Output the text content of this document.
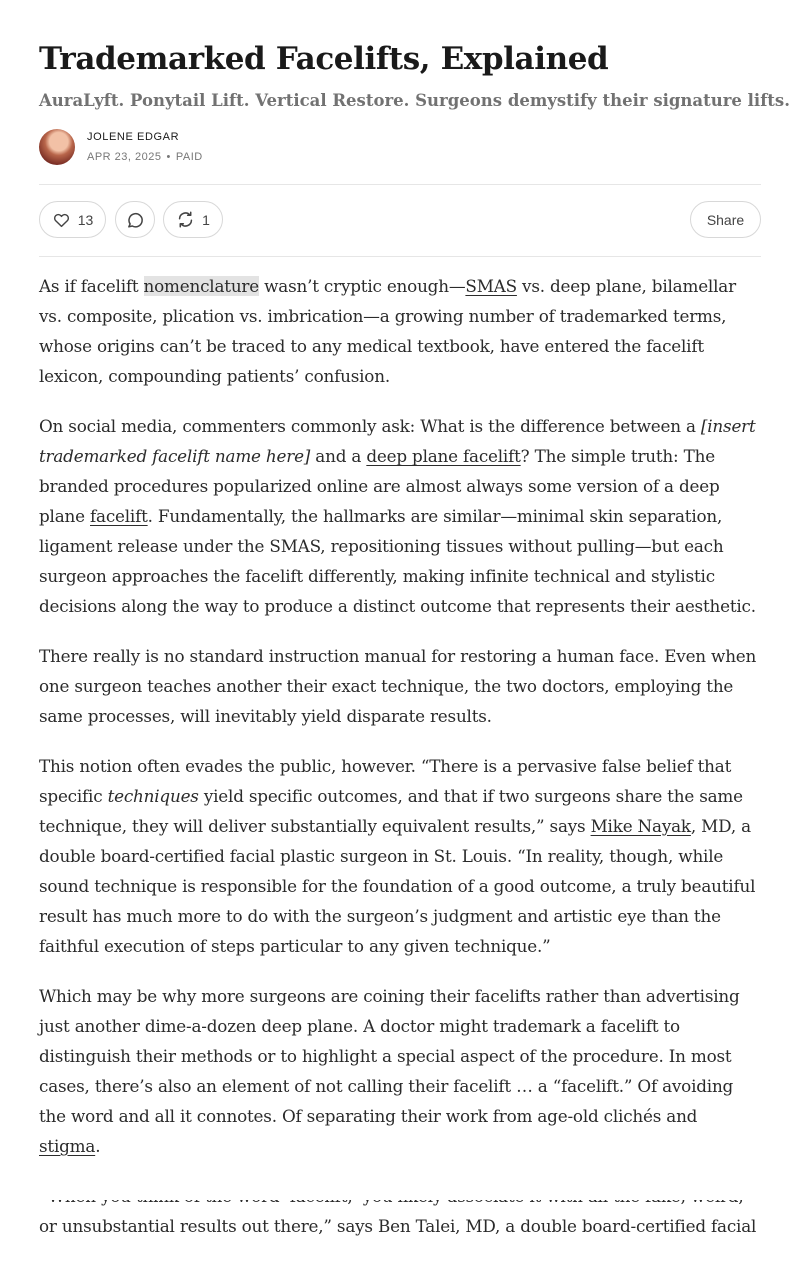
Trademarked Facelifts, Explained
AuraLyft. Ponytail Lift. Vertical Restore. Surgeons demystify their signature lifts.
JOLENE EDGAR
APR 23, 2025 • PAID
13	1	Share

As if facelift nomenclature wasn’t cryptic enough—SMAS vs. deep plane, bilamellar vs. composite, plication vs. imbrication—a growing number of trademarked terms, whose origins can’t be traced to any medical textbook, have entered the facelift lexicon, compounding patients’ confusion.

On social media, commenters commonly ask: What is the difference between a [insert trademarked facelift name here] and a deep plane facelift? The simple truth: The branded procedures popularized online are almost always some version of a deep plane facelift. Fundamentally, the hallmarks are similar—minimal skin separation, ligament release under the SMAS, repositioning tissues without pulling—but each surgeon approaches the facelift differently, making infinite technical and stylistic decisions along the way to produce a distinct outcome that represents their aesthetic.

There really is no standard instruction manual for restoring a human face. Even when one surgeon teaches another their exact technique, the two doctors, employing the same processes, will inevitably yield disparate results.

This notion often evades the public, however. “There is a pervasive false belief that specific techniques yield specific outcomes, and that if two surgeons share the same technique, they will deliver substantially equivalent results,” says Mike Nayak, MD, a double board-certified facial plastic surgeon in St. Louis. “In reality, though, while sound technique is responsible for the foundation of a good outcome, a truly beautiful result has much more to do with the surgeon’s judgment and artistic eye than the faithful execution of steps particular to any given technique.”

Which may be why more surgeons are coining their facelifts rather than advertising just another dime-a-dozen deep plane. A doctor might trademark a facelift to distinguish their methods or to highlight a special aspect of the procedure. In most cases, there’s also an element of not calling their facelift … a “facelift.” Of avoiding the word and all it connotes. Of separating their work from age-old clichés and stigma.

or unsubstantial results out there,” says Ben Talei, MD, a double board-certified facial
